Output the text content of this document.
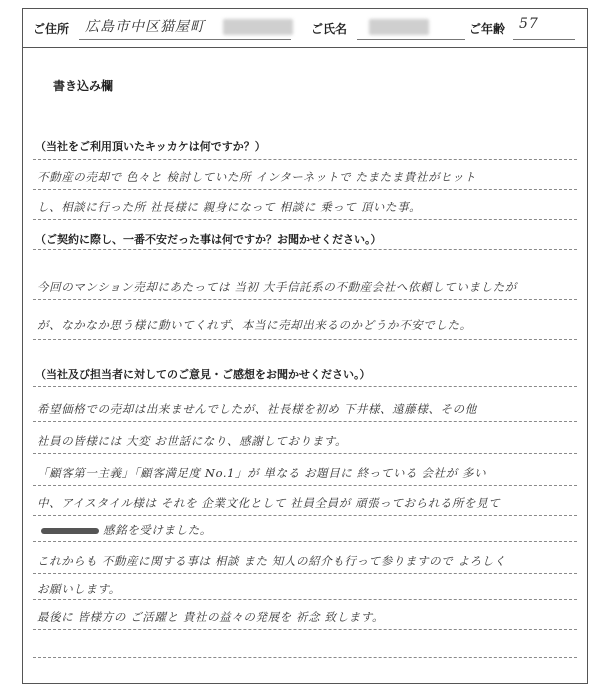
ご住所 広島市中区猫屋町	ご氏名	ご年齢 57
書き込み欄
（当社をご利用頂いたキッカケは何ですか？）
不動産の売却で 色々と 検討していた所 インターネットで たまたま貴社がヒット
し、相談に行った所 社長様に 親身になって 相談に 乗って 頂いた事。
（ご契約に際し、一番不安だった事は何ですか？お聞かせください。）
今回のマンション売却にあたっては 当初 大手信託系の不動産会社へ依頼していましたが
が、なかなか思う様に動いてくれず、本当に売却出来るのかどうか不安でした。
（当社及び担当者に対してのご意見・ご感想をお聞かせください。）
希望価格での売却は出来ませんでしたが、社長様を初め 下井様、遠藤様、その他
社員の皆様には 大変 お世話になり、感謝しております。
「顧客第一主義」「顧客満足度 No.1」が 単なる お題目に 終っている 会社が 多い
中、アイスタイル様は それを 企業文化として 社員全員が 頑張っておられる所を見て
感銘を受けました。
これからも 不動産に関する事は 相談 また 知人の紹介も行って参りますので よろしく
お願いします。
最後に 皆様方の ご活躍と 貴社の益々の発展を 祈念 致します。
